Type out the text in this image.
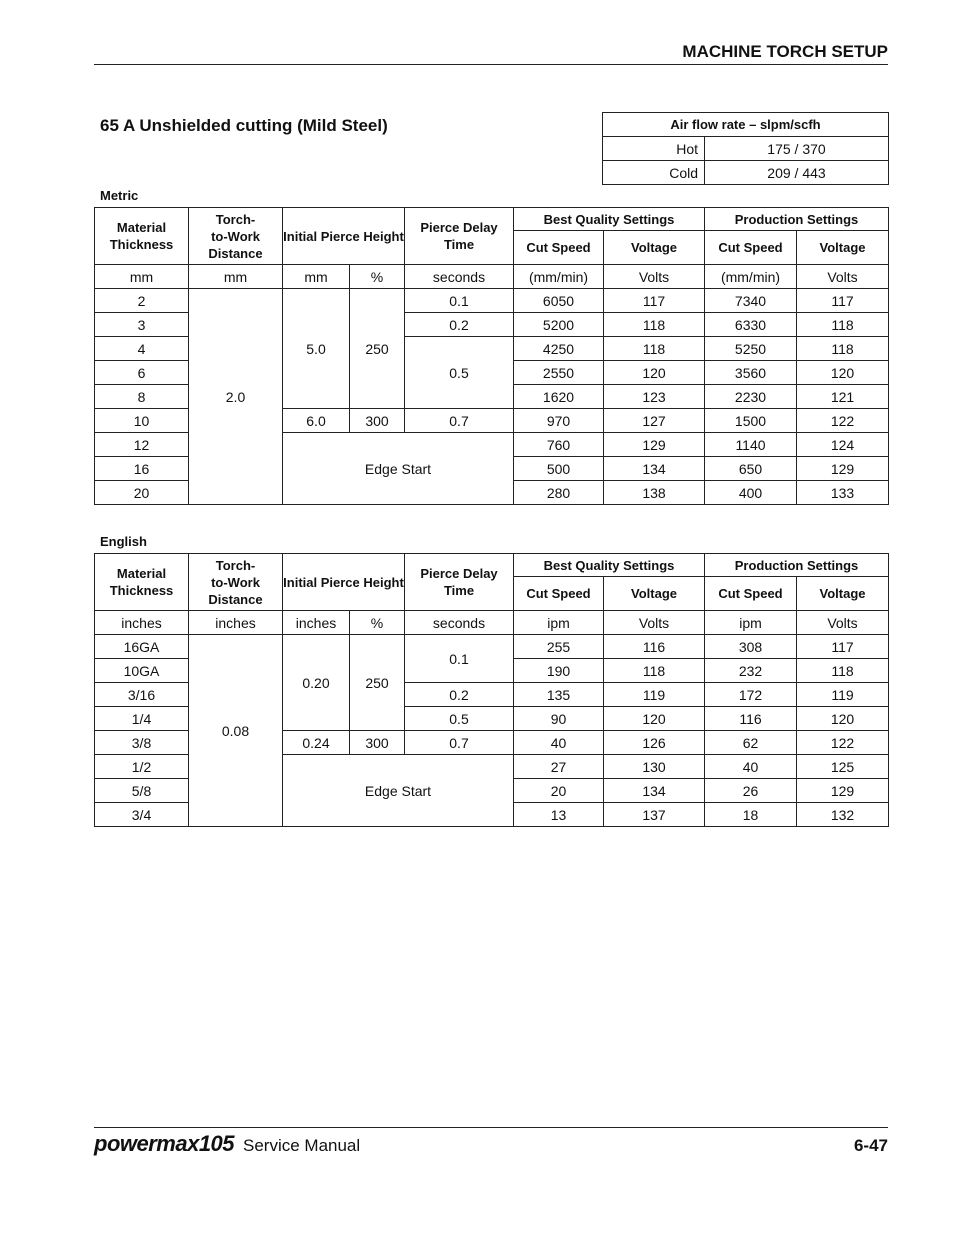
MACHINE TORCH SETUP
65 A Unshielded cutting (Mild Steel)	Air flow rate – slpm/scfh	
Hot	175 / 370
Cold	209 / 443
Metric
Material Thickness	Torch-
to-Work
Distance	Initial Pierce Height		Pierce Delay Time	Best Quality Settings		Production Settings	
					Cut Speed	Voltage	Cut Speed	Voltage
mm	mm	mm	%	seconds	(mm/min)	Volts	(mm/min)	Volts
2	2.0	5.0	250	0.1	6050	117	7340	117
3				0.2	5200	118	6330	118
4				0.5	4250	118	5250	118
6					2550	120	3560	120
8					1620	123	2230	121
10		6.0	300	0.7	970	127	1500	122
12		Edge Start			760	129	1140	124
16					500	134	650	129
20					280	138	400	133
English
Material Thickness	Torch-
to-Work
Distance	Initial Pierce Height		Pierce Delay Time	Best Quality Settings		Production Settings	
					Cut Speed	Voltage	Cut Speed	Voltage
inches	inches	inches	%	seconds	ipm	Volts	ipm	Volts
16GA	0.08	0.20	250	0.1	255	116	308	117
10GA					190	118	232	118
3/16				0.2	135	119	172	119
1/4				0.5	90	120	116	120
3/8		0.24	300	0.7	40	126	62	122
1/2		Edge Start			27	130	40	125
5/8					20	134	26	129
3/4					13	137	18	132
powermax105 Service Manual	6-47
